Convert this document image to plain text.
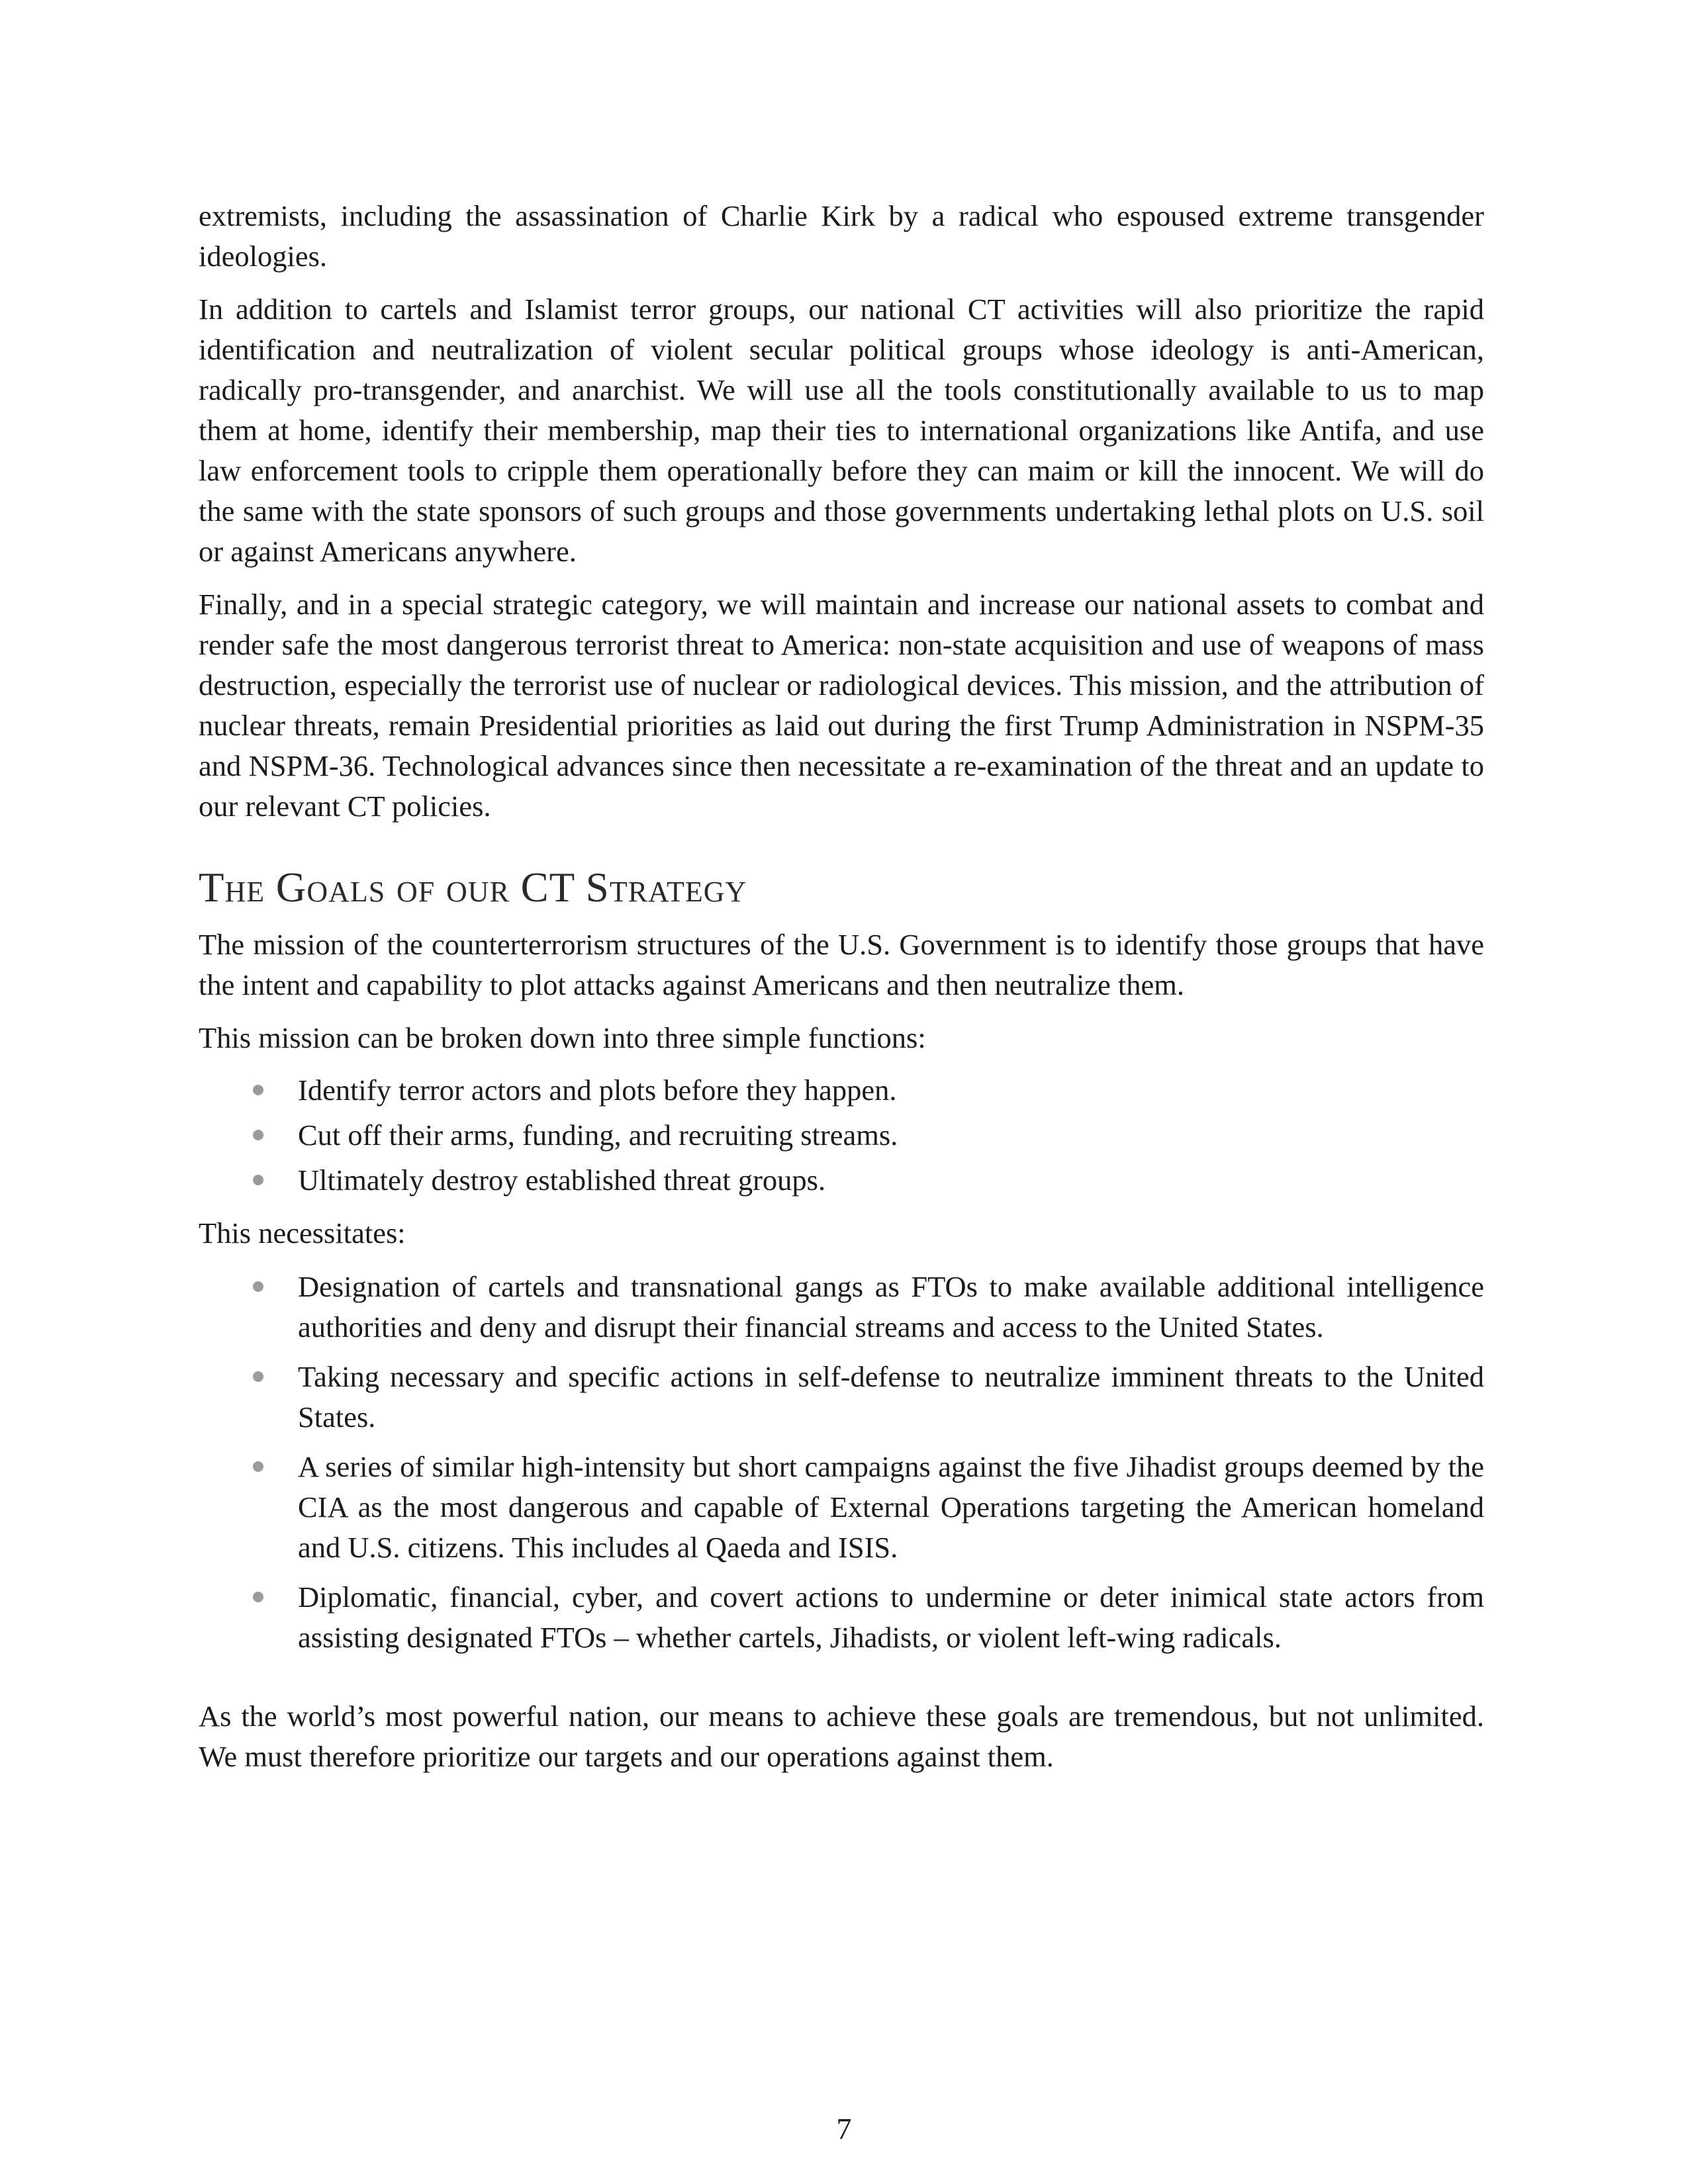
extremists, including the assassination of Charlie Kirk by a radical who espoused extreme transgender ideologies.

In addition to cartels and Islamist terror groups, our national CT activities will also prioritize the rapid identification and neutralization of violent secular political groups whose ideology is anti-American, radically pro-transgender, and anarchist. We will use all the tools constitutionally available to us to map them at home, identify their membership, map their ties to international organizations like Antifa, and use law enforcement tools to cripple them operationally before they can maim or kill the innocent. We will do the same with the state sponsors of such groups and those governments undertaking lethal plots on U.S. soil or against Americans anywhere.

Finally, and in a special strategic category, we will maintain and increase our national assets to combat and render safe the most dangerous terrorist threat to America: non-state acquisition and use of weapons of mass destruction, especially the terrorist use of nuclear or radiological devices. This mission, and the attribution of nuclear threats, remain Presidential priorities as laid out during the first Trump Administration in NSPM-35 and NSPM-36. Technological advances since then necessitate a re-examination of the threat and an update to our relevant CT policies.

The Goals of our CT Strategy

The mission of the counterterrorism structures of the U.S. Government is to identify those groups that have the intent and capability to plot attacks against Americans and then neutralize them.

This mission can be broken down into three simple functions:

Identify terror actors and plots before they happen.
Cut off their arms, funding, and recruiting streams.
Ultimately destroy established threat groups.

This necessitates:

Designation of cartels and transnational gangs as FTOs to make available additional intelligence authorities and deny and disrupt their financial streams and access to the United States.
Taking necessary and specific actions in self-defense to neutralize imminent threats to the United States.
A series of similar high-intensity but short campaigns against the five Jihadist groups deemed by the CIA as the most dangerous and capable of External Operations targeting the American homeland and U.S. citizens. This includes al Qaeda and ISIS.
Diplomatic, financial, cyber, and covert actions to undermine or deter inimical state actors from assisting designated FTOs – whether cartels, Jihadists, or violent left-wing radicals.

As the world’s most powerful nation, our means to achieve these goals are tremendous, but not unlimited. We must therefore prioritize our targets and our operations against them.

7
